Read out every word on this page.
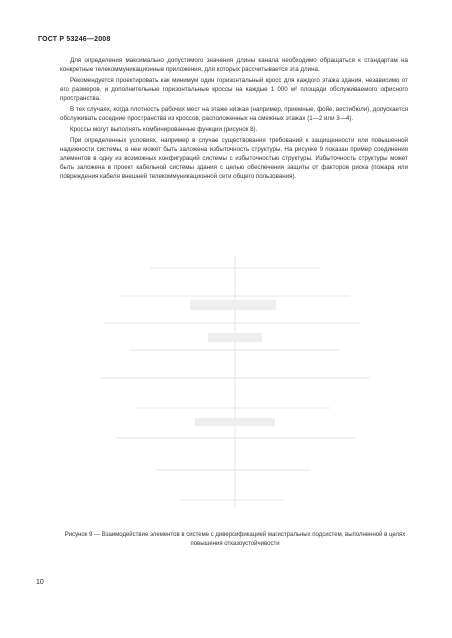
ГОСТ Р 53246—2008

Для определения максимально допустимого значения длины канала необходимо обращаться к стандартам на конкретные телекоммуникационные приложения, для которых рассчитывается эта длина.

Рекомендуется проектировать как минимум один горизонтальный кросс для каждого этажа здания, независимо от его размеров, и дополнительные горизонтальные кроссы на каждые 1 000 м² площади обслуживаемого офисного пространства.

В тех случаях, когда плотность рабочих мест на этаже низкая (например, приемные, фойе, вестибюли), допускается обслуживать соседние пространства из кроссов, расположенных на смежных этажах (1—2 или 3—4).

Кроссы могут выполнять комбинированные функции (рисунок 8).

При определенных условиях, например в случае существования требований к защищенности или повышенной надежности системы, в нее может быть заложена избыточность структуры. На рисунке 9 показан пример соединения элементов в одну из возможных конфигураций системы с избыточностью структуры. Избыточность структуры может быть заложена в проект кабельной системы здания с целью обеспечения защиты от факторов риска (пожара или повреждения кабеля внешней телекоммуникационной сети общего пользования).

Рисунок 9 — Взаимодействие элементов в системе с диверсификацией магистральных подсистем, выполненной в целях повышения отказоустойчивости
10
